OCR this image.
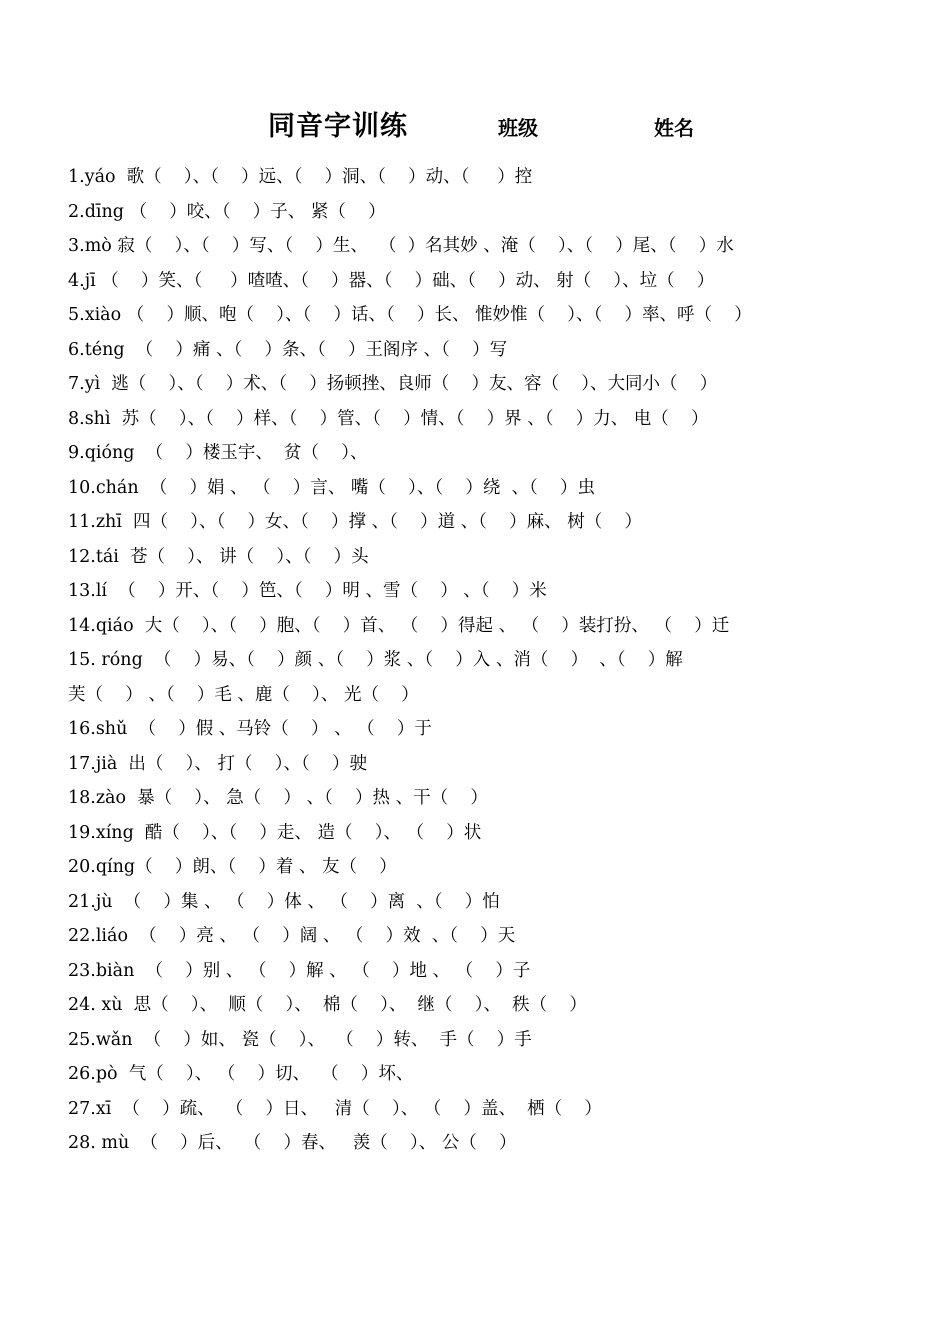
同音字训练	班级	姓名
1.yáo  歌（    ）、（    ）远、（    ）洞、（    ）动、（     ）控
2.dīng （    ）咬、（    ）子、 紧（    ）
3.mò 寂（    ）、（    ）写、（    ）生、  （  ）名其妙 、淹（    ）、（    ）尾、（    ）水
4.jī （    ）笑、（     ）喳喳、（    ）器、（    ）础、（    ）动、 射（    ）、垃（    ）
5.xiào （    ）顺、咆（    ）、（    ）话、（    ）长、 惟妙惟（    ）、（    ）率、呼（    ）
6.téng  （    ）痛 、（    ）条、（    ）王阁序 、（    ）写
7.yì  逃（    ）、（    ）术、（    ）扬顿挫、良师（    ）友、容（    ）、大同小（    ）
8.shì  苏（    ）、（    ）样、（    ）管、（    ）情、（    ）界 、（    ）力、 电（    ）
9.qióng  （    ）楼玉宇、  贫（    ）、
10.chán  （    ）娟 、 （    ）言、 嘴（    ）、（    ）绕  、（    ）虫
11.zhī  四（    ）、（    ）女、（    ）撑 、（    ）道 、（    ）麻、 树（    ）
12.tái  苍（    ）、 讲（    ）、（    ）头
13.lí  （    ）开、（    ）笆、（    ）明 、雪（    ） 、（    ）米
14.qiáo  大（    ）、（    ）胞、（    ）首、 （    ）得起 、 （    ）装打扮、 （    ）迁
15. róng  （    ）易、（    ）颜 、（    ）浆 、（    ）入 、消（    ）  、（    ）解
芙（    ） 、（    ）毛 、鹿（    ）、 光（    ）
16.shǔ  （    ）假 、马铃（    ） 、 （    ）于
17.jià  出（    ）、 打（    ）、（    ）驶
18.zào  暴（    ）、 急（    ） 、（    ）热 、干（    ）
19.xíng  酷（    ）、（    ）走、 造（    ）、 （    ）状
20.qíng（    ）朗、（    ）着 、 友（    ）
21.jù  （    ）集 、 （    ）体 、 （    ）离  、（    ）怕
22.liáo  （    ）亮 、 （    ）阔 、 （    ）效  、（    ）天
23.biàn  （    ）别 、 （    ）解 、 （    ）地 、 （    ）子
24. xù  思（    ）、  顺（    ）、  棉（    ）、  继（    ）、  秩（    ）
25.wǎn  （    ）如、 瓷（    ）、  （    ）转、  手（    ）手
26.pò  气（    ）、 （    ）切、  （    ）坏、
27.xī  （    ）疏、  （    ）日、   清（    ）、 （    ）盖、  栖（    ）
28. mù  （    ）后、  （    ）春、   羡（    ）、 公（    ）
